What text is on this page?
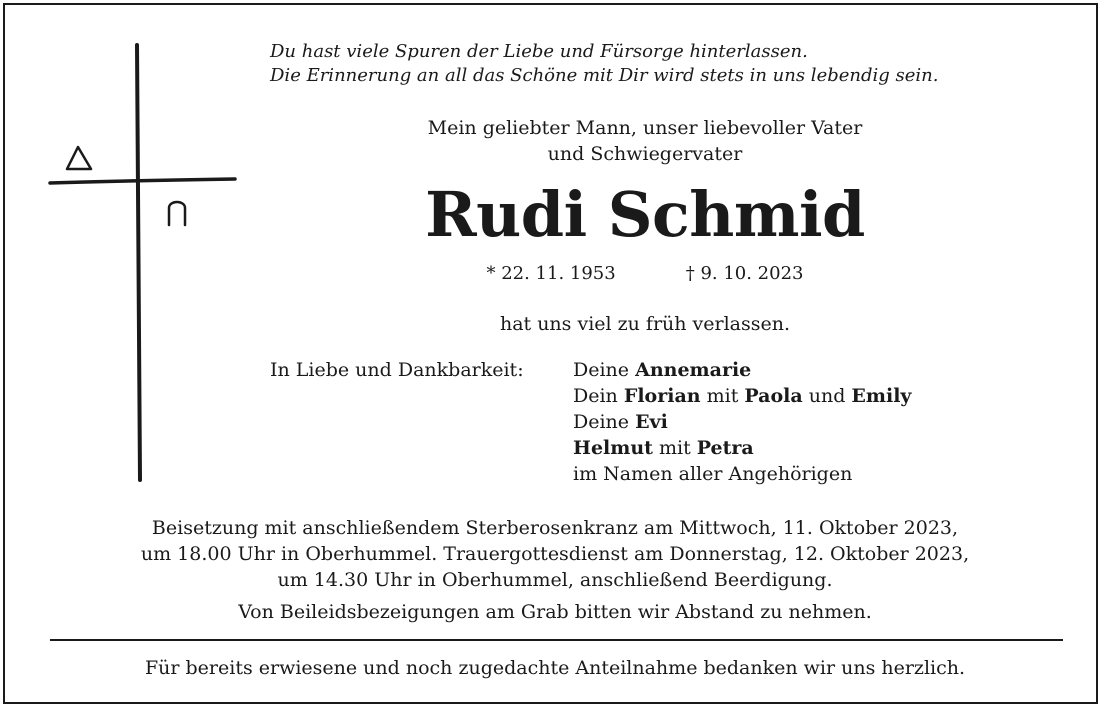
Du hast viele Spuren der Liebe und Fürsorge hinterlassen.
Die Erinnerung an all das Schöne mit Dir wird stets in uns lebendig sein.
Mein geliebter Mann, unser liebevoller Vater
und Schwiegervater
Rudi Schmid
* 22. 11. 1953	† 9. 10. 2023
hat uns viel zu früh verlassen.
In Liebe und Dankbarkeit:	Deine Annemarie
Dein Florian mit Paola und Emily
Deine Evi
Helmut mit Petra
im Namen aller Angehörigen
Beisetzung mit anschließendem Sterberosenkranz am Mittwoch, 11. Oktober 2023,
um 18.00 Uhr in Oberhummel. Trauergottesdienst am Donnerstag, 12. Oktober 2023,
um 14.30 Uhr in Oberhummel, anschließend Beerdigung.
Von Beileidsbezeigungen am Grab bitten wir Abstand zu nehmen.
Für bereits erwiesene und noch zugedachte Anteilnahme bedanken wir uns herzlich.
